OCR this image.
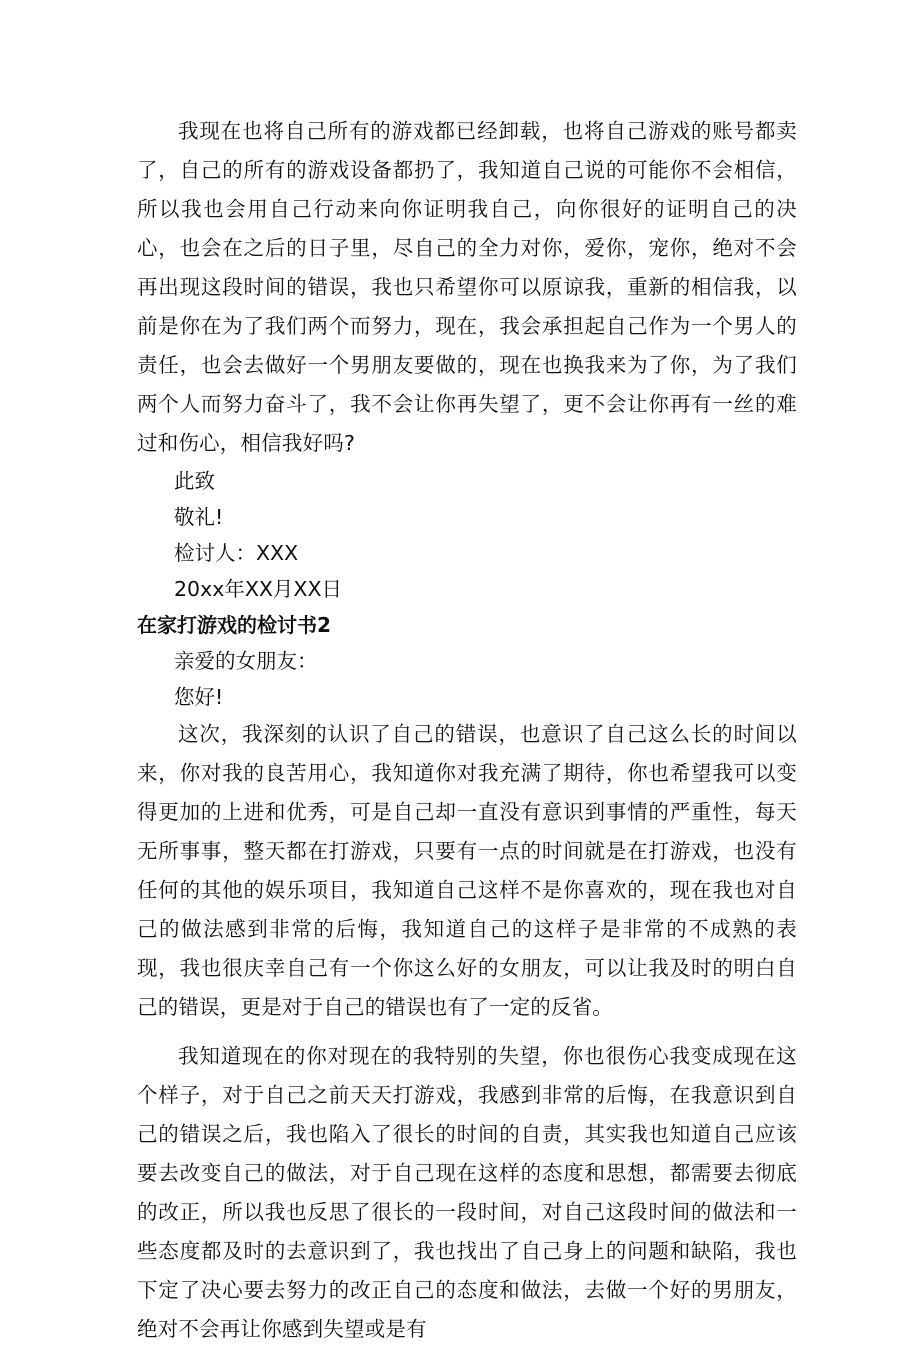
我现在也将自己所有的游戏都已经卸载，也将自己游戏的账号都卖了，自己的所有的游戏设备都扔了，我知道自己说的可能你不会相信，所以我也会用自己行动来向你证明我自己，向你很好的证明自己的决心，也会在之后的日子里，尽自己的全力对你，爱你，宠你，绝对不会再出现这段时间的错误，我也只希望你可以原谅我，重新的相信我，以前是你在为了我们两个而努力，现在，我会承担起自己作为一个男人的责任，也会去做好一个男朋友要做的，现在也换我来为了你，为了我们两个人而努力奋斗了，我不会让你再失望了，更不会让你再有一丝的难过和伤心，相信我好吗?

此致

敬礼!

检讨人：XXX

20xx年XX月XX日

在家打游戏的检讨书2

亲爱的女朋友：

您好!

这次，我深刻的认识了自己的错误，也意识了自己这么长的时间以来，你对我的良苦用心，我知道你对我充满了期待，你也希望我可以变得更加的上进和优秀，可是自己却一直没有意识到事情的严重性，每天无所事事，整天都在打游戏，只要有一点的时间就是在打游戏，也没有任何的其他的娱乐项目，我知道自己这样不是你喜欢的，现在我也对自己的做法感到非常的后悔，我知道自己的这样子是非常的不成熟的表现，我也很庆幸自己有一个你这么好的女朋友，可以让我及时的明白自己的错误，更是对于自己的错误也有了一定的反省。

我知道现在的你对现在的我特别的失望，你也很伤心我变成现在这个样子，对于自己之前天天打游戏，我感到非常的后悔，在我意识到自己的错误之后，我也陷入了很长的时间的自责，其实我也知道自己应该要去改变自己的做法，对于自己现在这样的态度和思想，都需要去彻底的改正，所以我也反思了很长的一段时间，对自己这段时间的做法和一些态度都及时的去意识到了，我也找出了自己身上的问题和缺陷，我也下定了决心要去努力的改正自己的态度和做法，去做一个好的男朋友，绝对不会再让你感到失望或是有
